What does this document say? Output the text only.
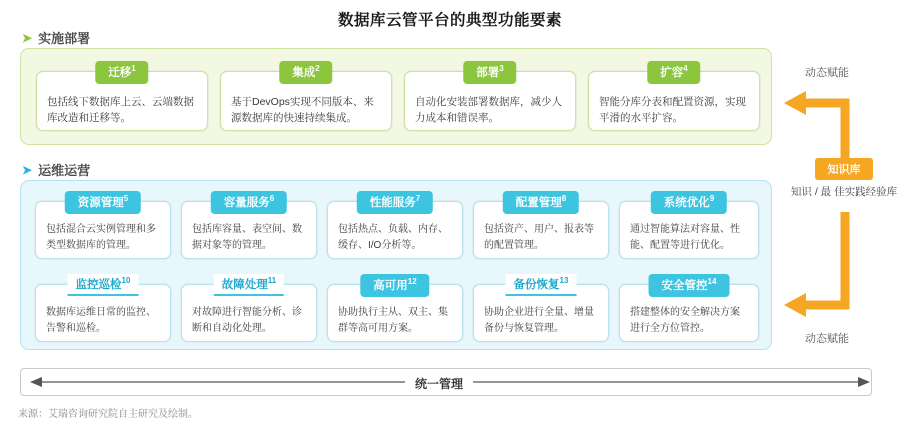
数据库云管平台的典型功能要素
➤ 实施部署
迁移$^1$
包括线下数据库上云、云端数据库改造和迁移等。
集成$^2$
基于DevOps实现不同版本、来源数据库的快速持续集成。
部署$^3$
自动化安装部署数据库，减少人力成本和错误率。
扩容$^4$
智能分库分表和配置资源，实现平滑的水平扩容。
➤ 运维运营
资源管理$^5$
包括混合云实例管理和多类型数据库的管理。
容量服务$^6$
包括库容量、表空间、数据对象等的管理。
性能服务$^7$
包括热点、负载、内存、缓存、I/O分析等。
配置管理$^8$
包括资产、用户、报表等的配置管理。
系统优化$^9$
通过智能算法对容量、性能、配置等进行优化。
监控巡检$^{10}$
数据库运维日常的监控、告警和巡检。
故障处理$^{11}$
对故障进行智能分析、诊断和自动化处理。
高可用$^{12}$
协助执行主从、双主、集群等高可用方案。
备份恢复$^{13}$
协助企业进行全量、增量备份与恢复管理。
安全管控$^{14}$
搭建整体的安全解决方案进行全方位管控。
动态赋能
动态赋能
知识库
知识 / 最 佳实践经验库
统一管理
来源：艾瑞咨询研究院自主研究及绘制。
